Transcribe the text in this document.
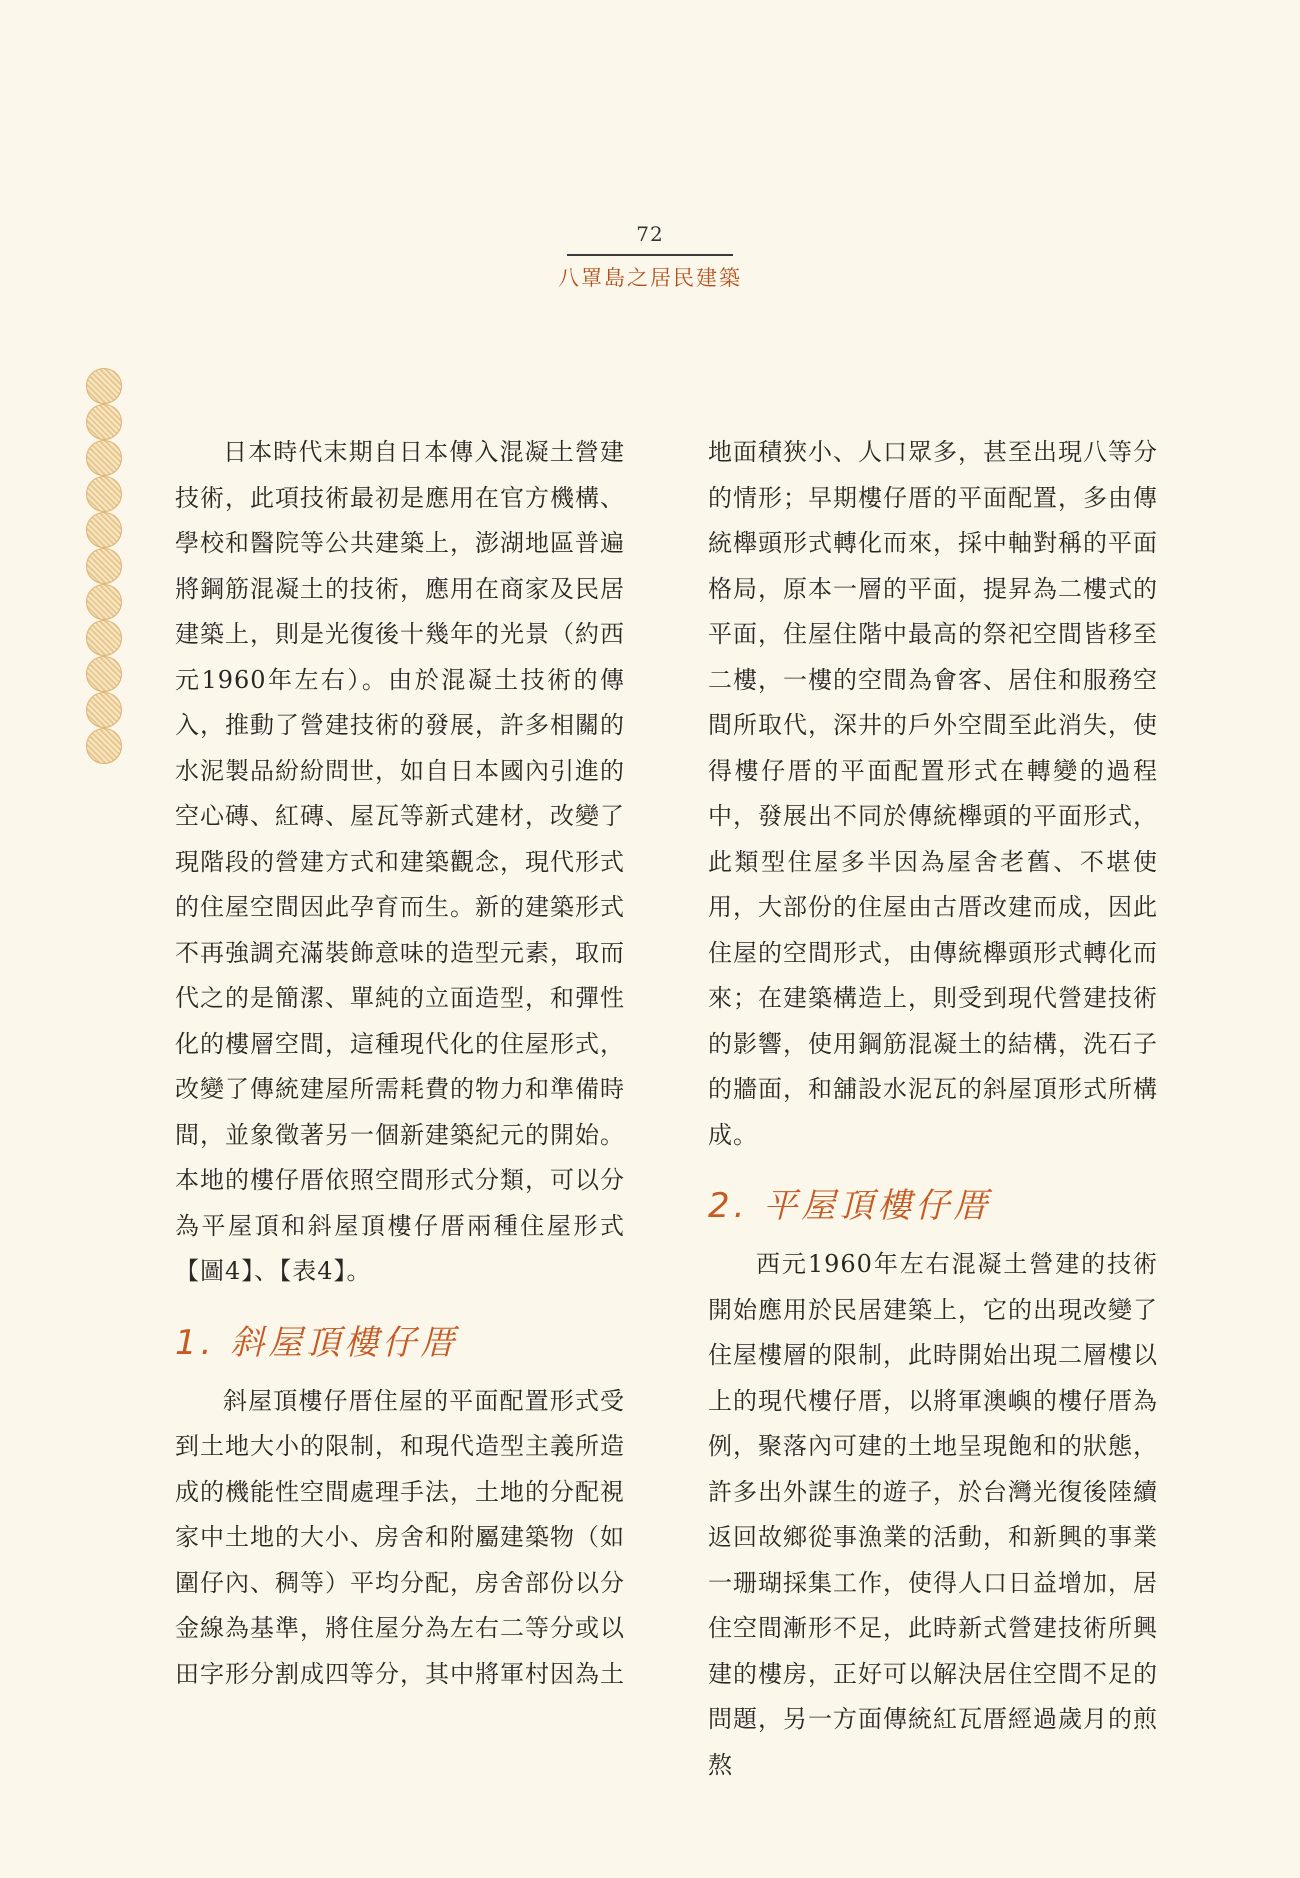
72
八罩島之居民建築

日本時代末期自日本傳入混凝土營建技術，此項技術最初是應用在官方機構、學校和醫院等公共建築上，澎湖地區普遍將鋼筋混凝土的技術，應用在商家及民居建築上，則是光復後十幾年的光景（約西元1960年左右）。由於混凝土技術的傳入，推動了營建技術的發展，許多相關的水泥製品紛紛問世，如自日本國內引進的空心磚、紅磚、屋瓦等新式建材，改變了現階段的營建方式和建築觀念，現代形式的住屋空間因此孕育而生。新的建築形式不再強調充滿裝飾意味的造型元素，取而代之的是簡潔、單純的立面造型，和彈性化的樓層空間，這種現代化的住屋形式，改變了傳統建屋所需耗費的物力和準備時間，並象徵著另一個新建築紀元的開始。本地的樓仔厝依照空間形式分類，可以分為平屋頂和斜屋頂樓仔厝兩種住屋形式【圖4】、【表4】。

1. 斜屋頂樓仔厝

斜屋頂樓仔厝住屋的平面配置形式受到土地大小的限制，和現代造型主義所造成的機能性空間處理手法，土地的分配視家中土地的大小、房舍和附屬建築物（如圍仔內、稠等）平均分配，房舍部份以分金線為基準，將住屋分為左右二等分或以田字形分割成四等分，其中將軍村因為土

地面積狹小、人口眾多，甚至出現八等分的情形；早期樓仔厝的平面配置，多由傳統櫸頭形式轉化而來，採中軸對稱的平面格局，原本一層的平面，提昇為二樓式的平面，住屋住階中最高的祭祀空間皆移至二樓，一樓的空間為會客、居住和服務空間所取代，深井的戶外空間至此消失，使得樓仔厝的平面配置形式在轉變的過程中，發展出不同於傳統櫸頭的平面形式，此類型住屋多半因為屋舍老舊、不堪使用，大部份的住屋由古厝改建而成，因此住屋的空間形式，由傳統櫸頭形式轉化而來；在建築構造上，則受到現代營建技術的影響，使用鋼筋混凝土的結構，洗石子的牆面，和舖設水泥瓦的斜屋頂形式所構成。

2. 平屋頂樓仔厝

西元1960年左右混凝土營建的技術開始應用於民居建築上，它的出現改變了住屋樓層的限制，此時開始出現二層樓以上的現代樓仔厝，以將軍澳嶼的樓仔厝為例，聚落內可建的土地呈現飽和的狀態，許多出外謀生的遊子，於台灣光復後陸續返回故鄉從事漁業的活動，和新興的事業一珊瑚採集工作，使得人口日益增加，居住空間漸形不足，此時新式營建技術所興建的樓房，正好可以解決居住空間不足的問題，另一方面傳統紅瓦厝經過歲月的煎熬
